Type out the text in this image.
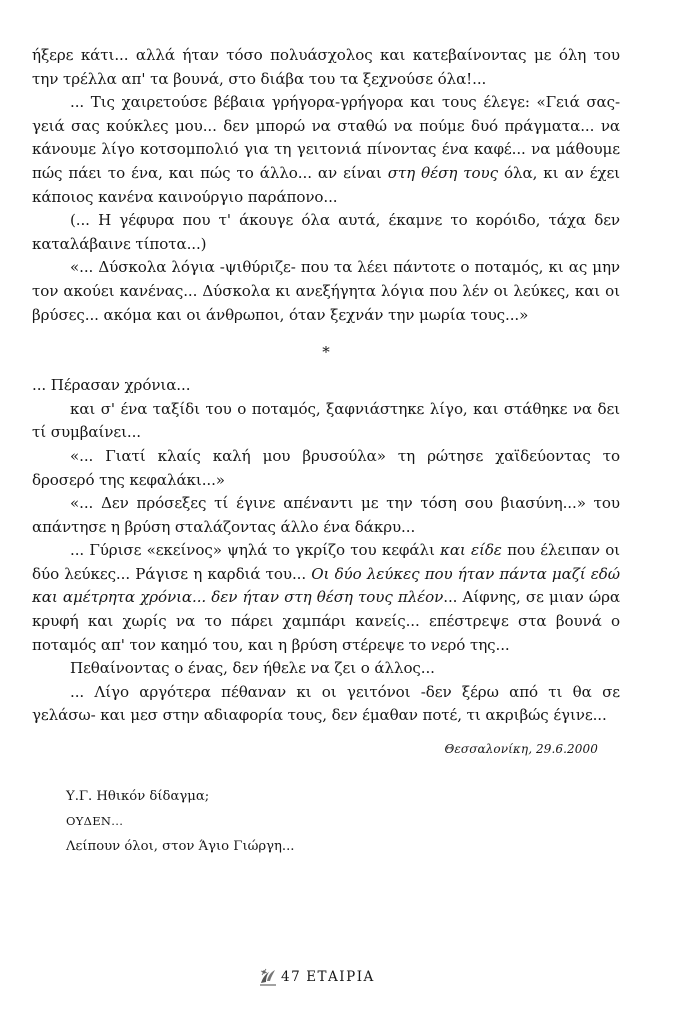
ήξερε κάτι... αλλά ήταν τόσο πολυάσχολος και κατεβαίνοντας με όλη του την τρέλλα απ' τα βουνά, στο διάβα του τα ξεχνούσε όλα!...

... Τις χαιρετούσε βέβαια γρήγορα-γρήγορα και τους έλεγε: «Γειά σας-γειά σας κούκλες μου... δεν μπορώ να σταθώ να πούμε δυό πράγματα... να κάνουμε λίγο κοτσομπολιό για τη γειτονιά πίνοντας ένα καφέ... να μάθουμε πώς πάει το ένα, και πώς το άλλο... αν είναι στη θέση τους όλα, κι αν έχει κάποιος κανένα καινούργιο παράπονο...

(... Η γέφυρα που τ' άκουγε όλα αυτά, έκαμνε το κορόιδο, τάχα δεν καταλάβαινε τίποτα...)

«... Δύσκολα λόγια -ψιθύριζε- που τα λέει πάντοτε ο ποταμός, κι ας μην τον ακούει κανένας... Δύσκολα κι ανεξήγητα λόγια που λέν οι λεύκες, και οι βρύσες... ακόμα και οι άνθρωποι, όταν ξεχνάν την μωρία τους...»

*

... Πέρασαν χρόνια...

και σ' ένα ταξίδι του ο ποταμός, ξαφνιάστηκε λίγο, και στάθηκε να δει τί συμβαίνει...

«... Γιατί κλαίς καλή μου βρυσούλα» τη ρώτησε χαϊδεύοντας το δροσερό της κεφαλάκι...»

«... Δεν πρόσεξες τί έγινε απέναντι με την τόση σου βιασύνη...» του απάντησε η βρύση σταλάζοντας άλλο ένα δάκρυ...

... Γύρισε «εκείνος» ψηλά το γκρίζο του κεφάλι και είδε που έλειπαν οι δύο λεύκες... Ράγισε η καρδιά του... Οι δύο λεύκες που ήταν πάντα μαζί εδώ και αμέτρητα χρόνια... δεν ήταν στη θέση τους πλέον... Αίφνης, σε μιαν ώρα κρυφή και χωρίς να το πάρει χαμπάρι κανείς... επέστρεψε στα βουνά ο ποταμός απ' τον καημό του, και η βρύση στέρεψε το νερό της...

Πεθαίνοντας ο ένας, δεν ήθελε να ζει ο άλλος...

... Λίγο αργότερα πέθαναν κι οι γειτόνοι -δεν ξέρω από τι θα σε γελάσω- και μεσ στην αδιαφορία τους, δεν έμαθαν ποτέ, τι ακριβώς έγινε...

Θεσσαλονίκη, 29.6.2000
Υ.Γ. Ηθικόν δίδαγμα;
ΟΥΔΕΝ...
Λείπουν όλοι, στον Άγιο Γιώργη...
47 ΕΤΑΙΡΙΑ
